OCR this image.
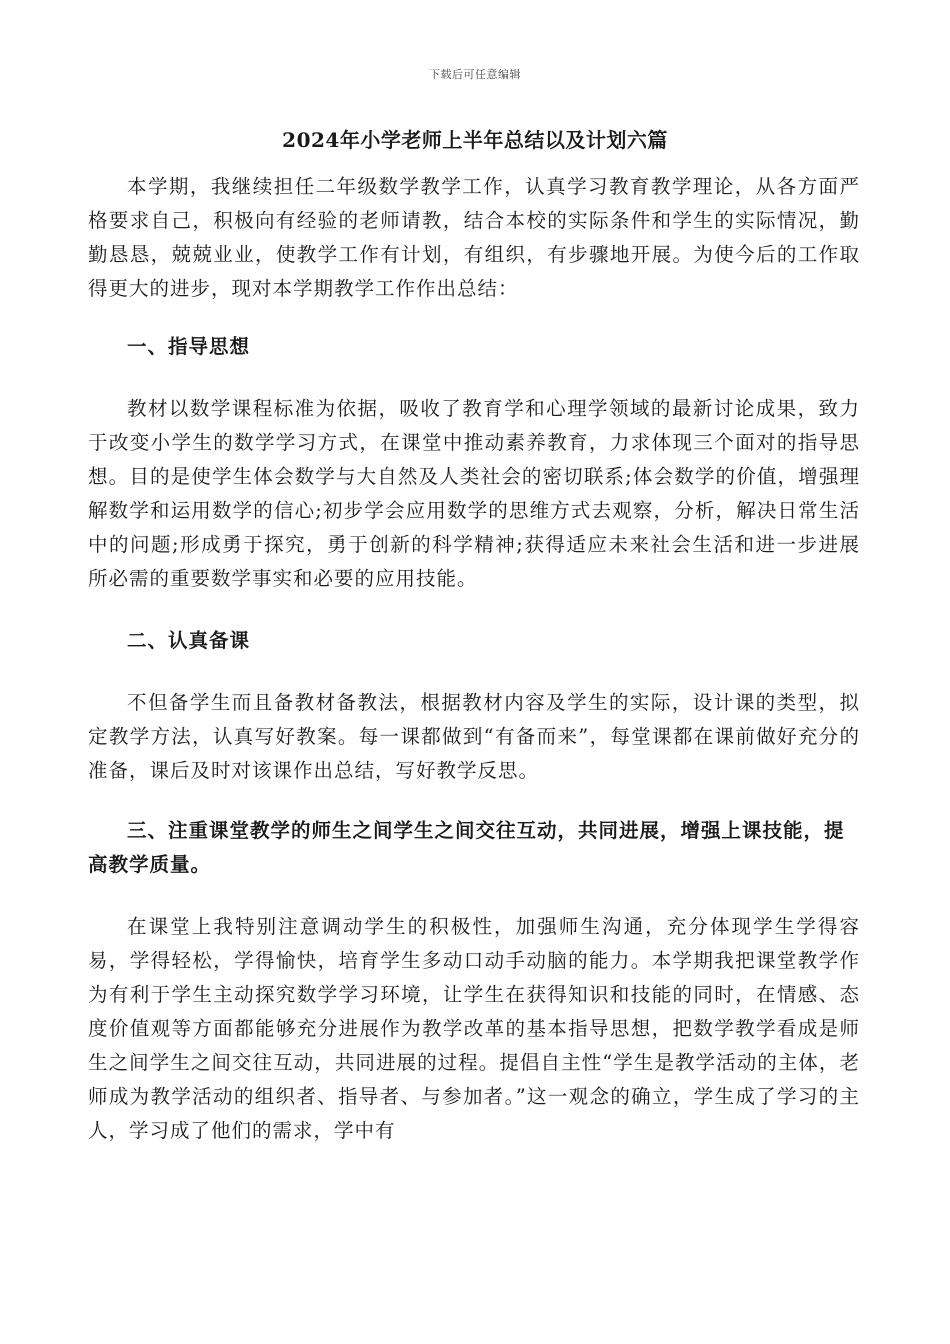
下载后可任意编辑
2024年小学老师上半年总结以及计划六篇

本学期，我继续担任二年级数学教学工作，认真学习教育教学理论，从各方面严格要求自己，积极向有经验的老师请教，结合本校的实际条件和学生的实际情况，勤勤恳恳，兢兢业业，使教学工作有计划，有组织，有步骤地开展。为使今后的工作取得更大的进步，现对本学期教学工作作出总结：

一、指导思想

教材以数学课程标准为依据，吸收了教育学和心理学领域的最新讨论成果，致力于改变小学生的数学学习方式，在课堂中推动素养教育，力求体现三个面对的指导思想。目的是使学生体会数学与大自然及人类社会的密切联系;体会数学的价值，增强理解数学和运用数学的信心;初步学会应用数学的思维方式去观察，分析，解决日常生活中的问题;形成勇于探究，勇于创新的科学精神;获得适应未来社会生活和进一步进展所必需的重要数学事实和必要的应用技能。

二、认真备课

不但备学生而且备教材备教法，根据教材内容及学生的实际，设计课的类型，拟定教学方法，认真写好教案。每一课都做到“有备而来”，每堂课都在课前做好充分的准备，课后及时对该课作出总结，写好教学反思。

三、注重课堂教学的师生之间学生之间交往互动，共同进展，增强上课技能，提高教学质量。

在课堂上我特别注意调动学生的积极性，加强师生沟通，充分体现学生学得容易，学得轻松，学得愉快，培育学生多动口动手动脑的能力。本学期我把课堂教学作为有利于学生主动探究数学学习环境，让学生在获得知识和技能的同时，在情感、态度价值观等方面都能够充分进展作为教学改革的基本指导思想，把数学教学看成是师生之间学生之间交往互动，共同进展的过程。提倡自主性“学生是教学活动的主体，老师成为教学活动的组织者、指导者、与参加者。”这一观念的确立，学生成了学习的主人，学习成了他们的需求，学中有
